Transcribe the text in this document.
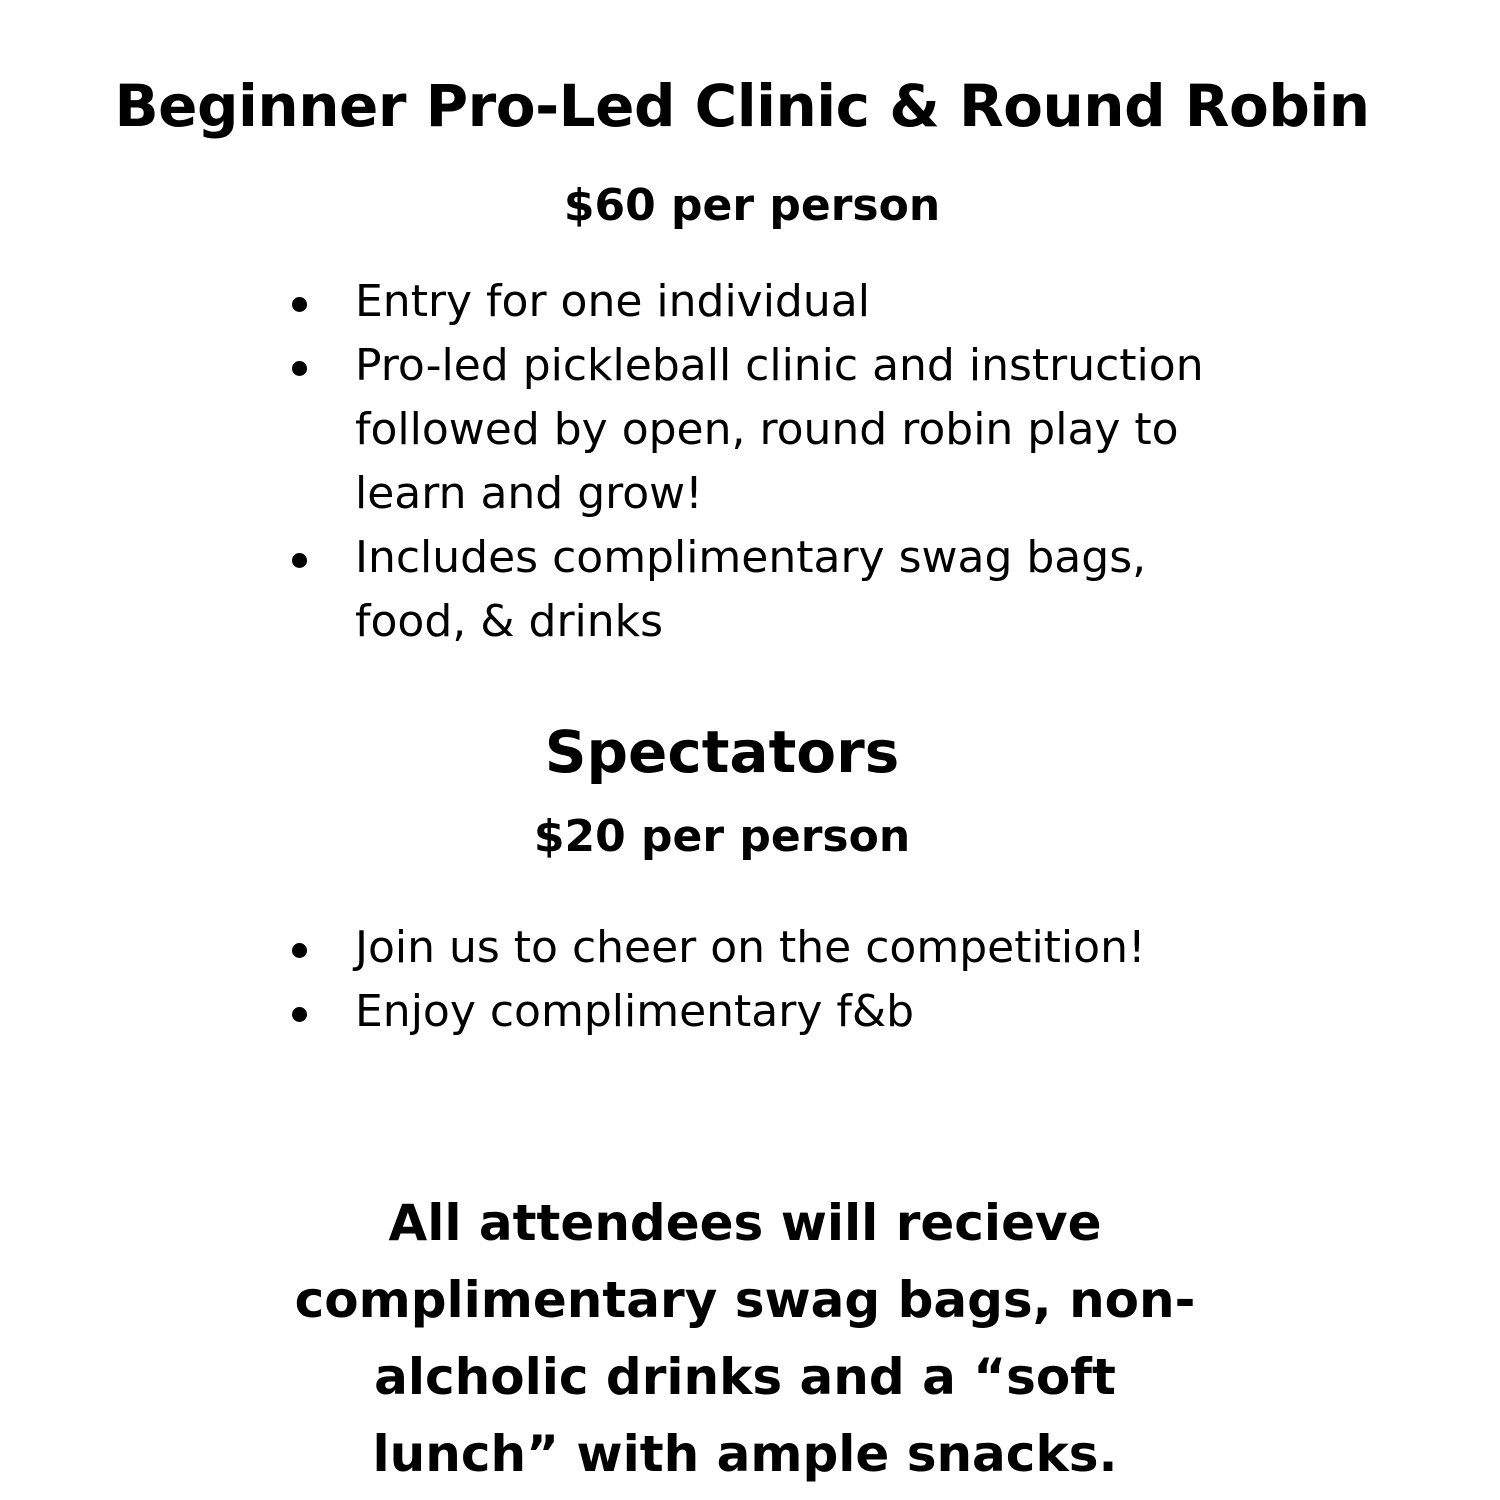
Beginner Pro-Led Clinic & Round Robin
$60 per person
Entry for one individual
Pro-led pickleball clinic and instruction followed by open, round robin play to learn and grow!
Includes complimentary swag bags, food, & drinks
Spectators
$20 per person
Join us to cheer on the competition!
Enjoy complimentary f&b

All attendees will recieve complimentary swag bags, non-alcholic drinks and a “soft lunch” with ample snacks.
